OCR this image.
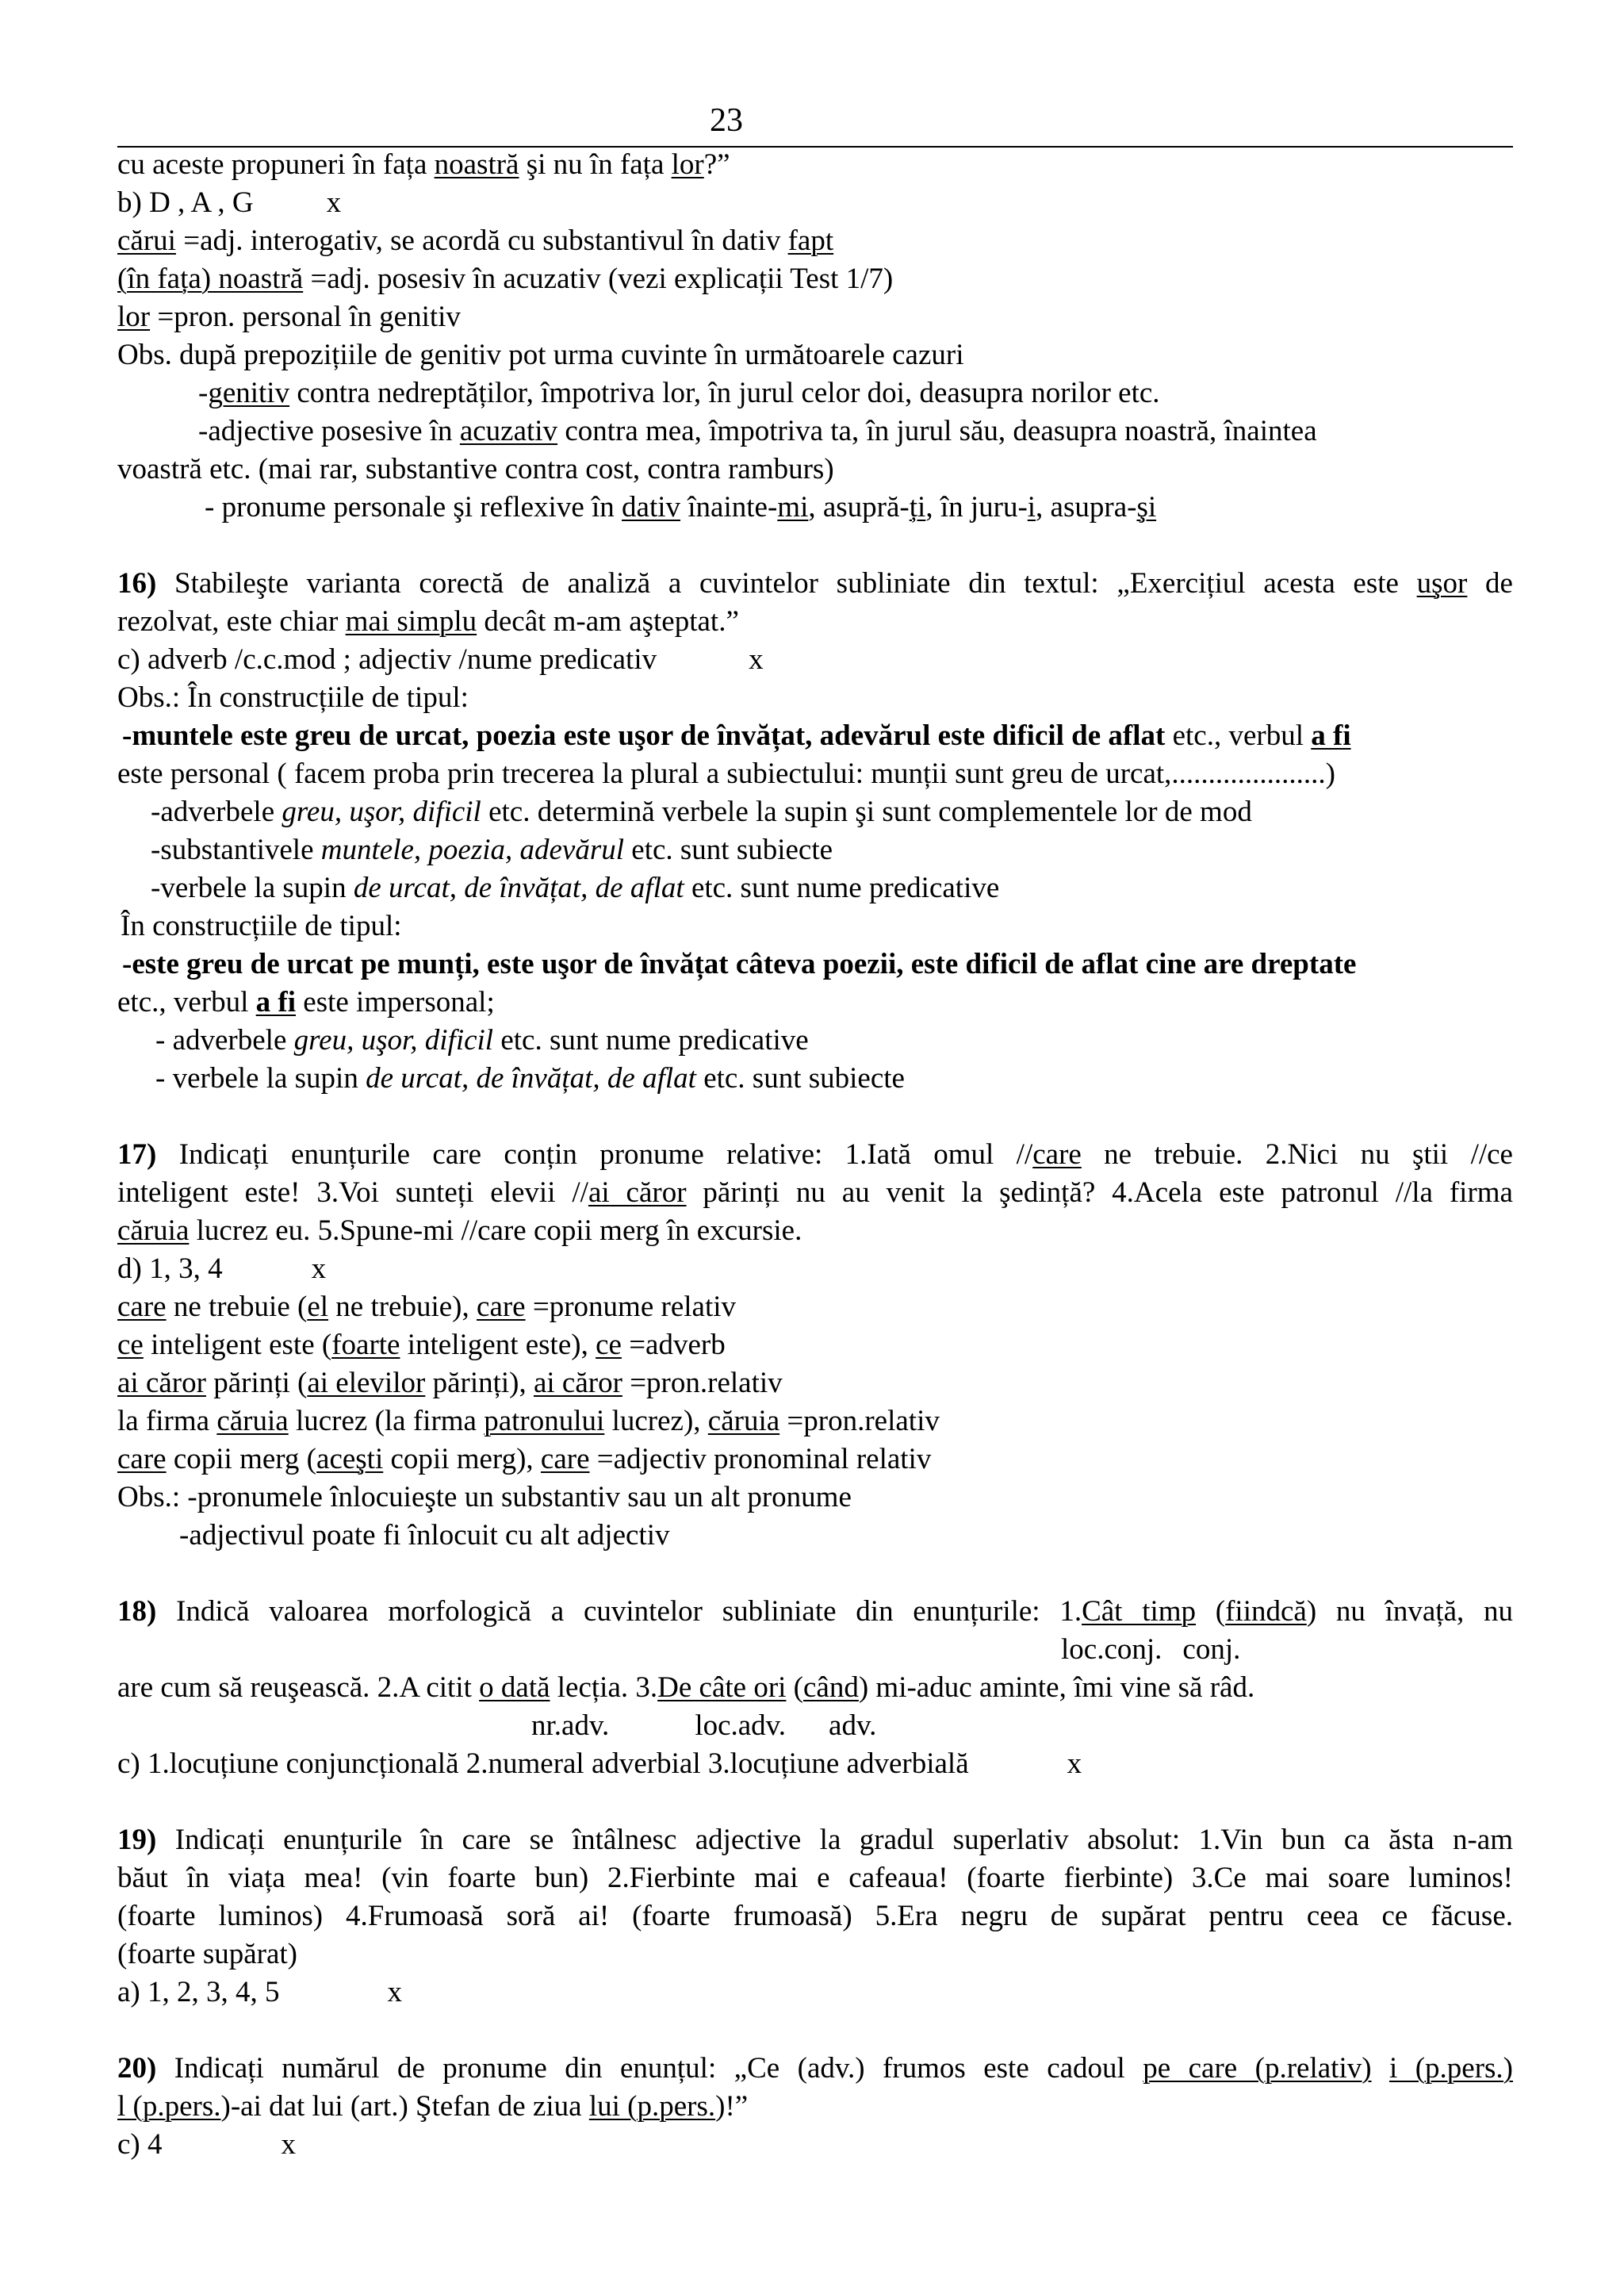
23
cu aceste propuneri în fața noastră şi nu în fața lor?”
b) D , A , G x
cărui =adj. interogativ, se acordă cu substantivul în dativ fapt
(în fața) noastră =adj. posesiv în acuzativ (vezi explicații Test 1/7)
lor =pron. personal în genitiv
Obs. după prepozițiile de genitiv pot urma cuvinte în următoarele cazuri
-genitiv contra nedreptăților, împotriva lor, în jurul celor doi, deasupra norilor etc.
-adjective posesive în acuzativ contra mea, împotriva ta, în jurul său, deasupra noastră, înaintea
voastră etc. (mai rar, substantive contra cost, contra ramburs)
- pronume personale şi reflexive în dativ înainte-mi, asupră-ți, în juru-i, asupra-şi
16) Stabileşte varianta corectă de analiză a cuvintelor subliniate din textul: „Exercițiul acesta este uşor de
rezolvat, este chiar mai simplu decât m-am aşteptat.”
c) adverb /c.c.mod ; adjectiv /nume predicativ	x
Obs.: În construcțiile de tipul:
-muntele este greu de urcat, poezia este uşor de învățat, adevărul este dificil de aflat etc., verbul a fi
este personal ( facem proba prin trecerea la plural a subiectului: munții sunt greu de urcat,.....................)
-adverbele greu, uşor, dificil etc. determină verbele la supin şi sunt complementele lor de mod
-substantivele muntele, poezia, adevărul etc. sunt subiecte
-verbele la supin de urcat, de învățat, de aflat etc. sunt nume predicative
În construcțiile de tipul:
-este greu de urcat pe munți, este uşor de învățat câteva poezii, este dificil de aflat cine are dreptate
etc., verbul a fi este impersonal;
- adverbele greu, uşor, dificil etc. sunt nume predicative
- verbele la supin de urcat, de învățat, de aflat etc. sunt subiecte
17) Indicați enunțurile care conțin pronume relative: 1.Iată omul //care ne trebuie. 2.Nici nu ştii //ce
inteligent este! 3.Voi sunteți elevii //ai căror părinți nu au venit la şedință? 4.Acela este patronul //la firma
căruia lucrez eu. 5.Spune-mi //care copii merg în excursie.
d) 1, 3, 4	x
care ne trebuie (el ne trebuie), care =pronume relativ
ce inteligent este (foarte inteligent este), ce =adverb
ai căror părinți (ai elevilor părinți), ai căror =pron.relativ
la firma căruia lucrez (la firma patronului lucrez), căruia =pron.relativ
care copii merg (aceşti copii merg), care =adjectiv pronominal relativ
Obs.: -pronumele înlocuieşte un substantiv sau un alt pronume
-adjectivul poate fi înlocuit cu alt adjectiv
18) Indică valoarea morfologică a cuvintelor subliniate din enunțurile: 1.Cât timp (fiindcă) nu învață, nu
loc.conj. conj.
are cum să reuşească. 2.A citit o dată lecția. 3.De câte ori (când) mi-aduc aminte, îmi vine să râd.
nr.adv.	loc.adv. adv.
c) 1.locuțiune conjuncțională 2.numeral adverbial 3.locuțiune adverbială	x
19) Indicați enunțurile în care se întâlnesc adjective la gradul superlativ absolut: 1.Vin bun ca ăsta n-am
băut în viața mea! (vin foarte bun) 2.Fierbinte mai e cafeaua! (foarte fierbinte) 3.Ce mai soare luminos!
(foarte luminos) 4.Frumoasă soră ai! (foarte frumoasă) 5.Era negru de supărat pentru ceea ce făcuse.
(foarte supărat)
a) 1, 2, 3, 4, 5	x
20) Indicați numărul de pronume din enunțul: „Ce (adv.) frumos este cadoul pe care (p.relativ) i (p.pers.)
l (p.pers.)-ai dat lui (art.) Ştefan de ziua lui (p.pers.)!”
c) 4	x
